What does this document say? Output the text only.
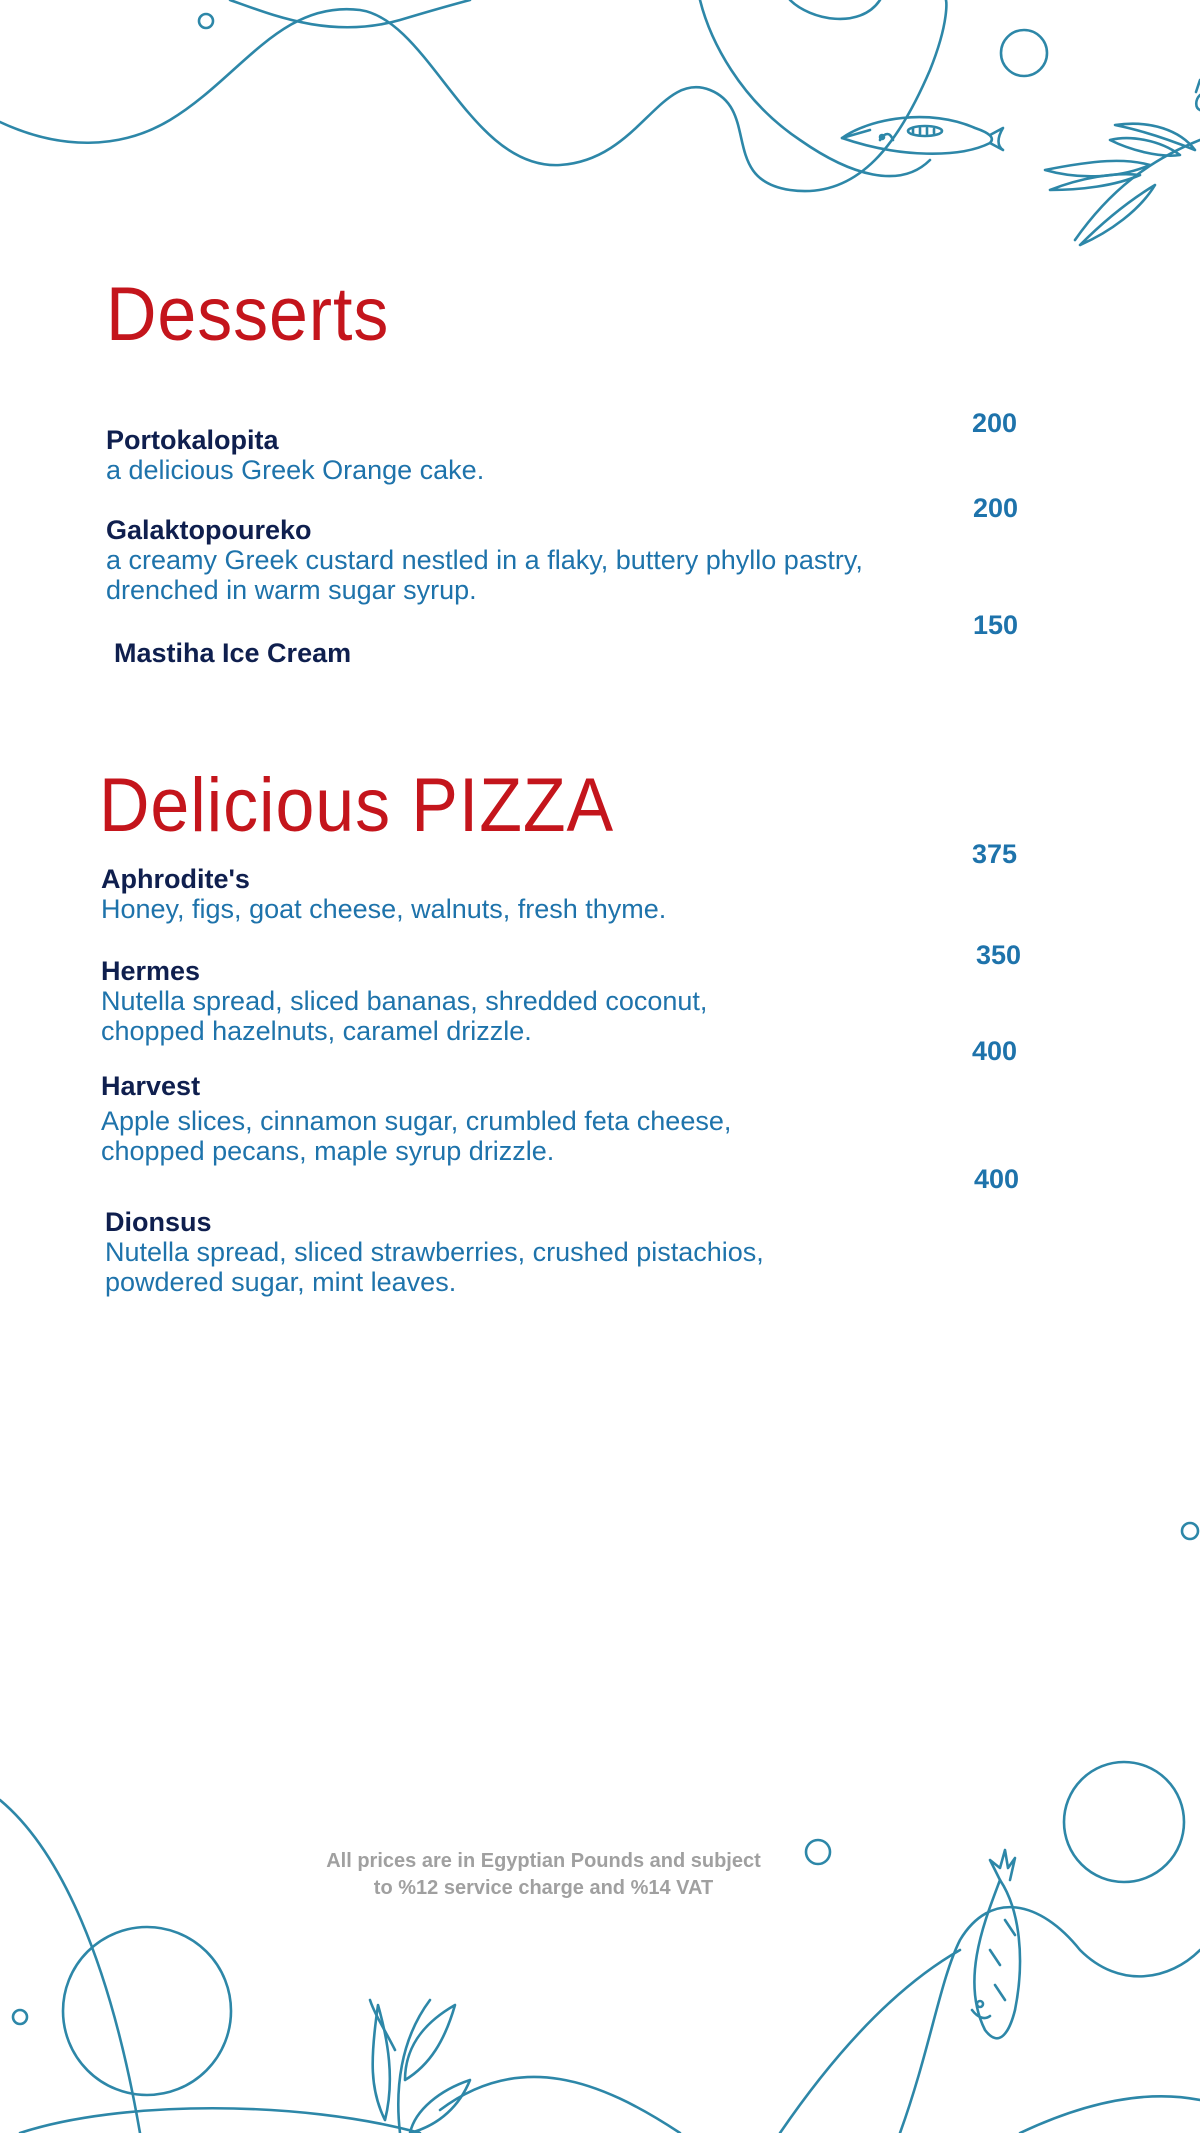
Desserts
Portokalopita
a delicious Greek Orange cake.
200
Galaktopoureko
a creamy Greek custard nestled in a flaky, buttery phyllo pastry, drenched in warm sugar syrup.
200
Mastiha Ice Cream
150
Delicious PIZZA
Aphrodite's
Honey, figs, goat cheese, walnuts, fresh thyme.
375
Hermes
Nutella spread, sliced bananas, shredded coconut, chopped hazelnuts, caramel drizzle.
350
Harvest
Apple slices, cinnamon sugar, crumbled feta cheese, chopped pecans, maple syrup drizzle.
400
Dionsus
Nutella spread, sliced strawberries, crushed pistachios, powdered sugar, mint leaves.
400
All prices are in Egyptian Pounds and subject to %12 service charge and %14 VAT
